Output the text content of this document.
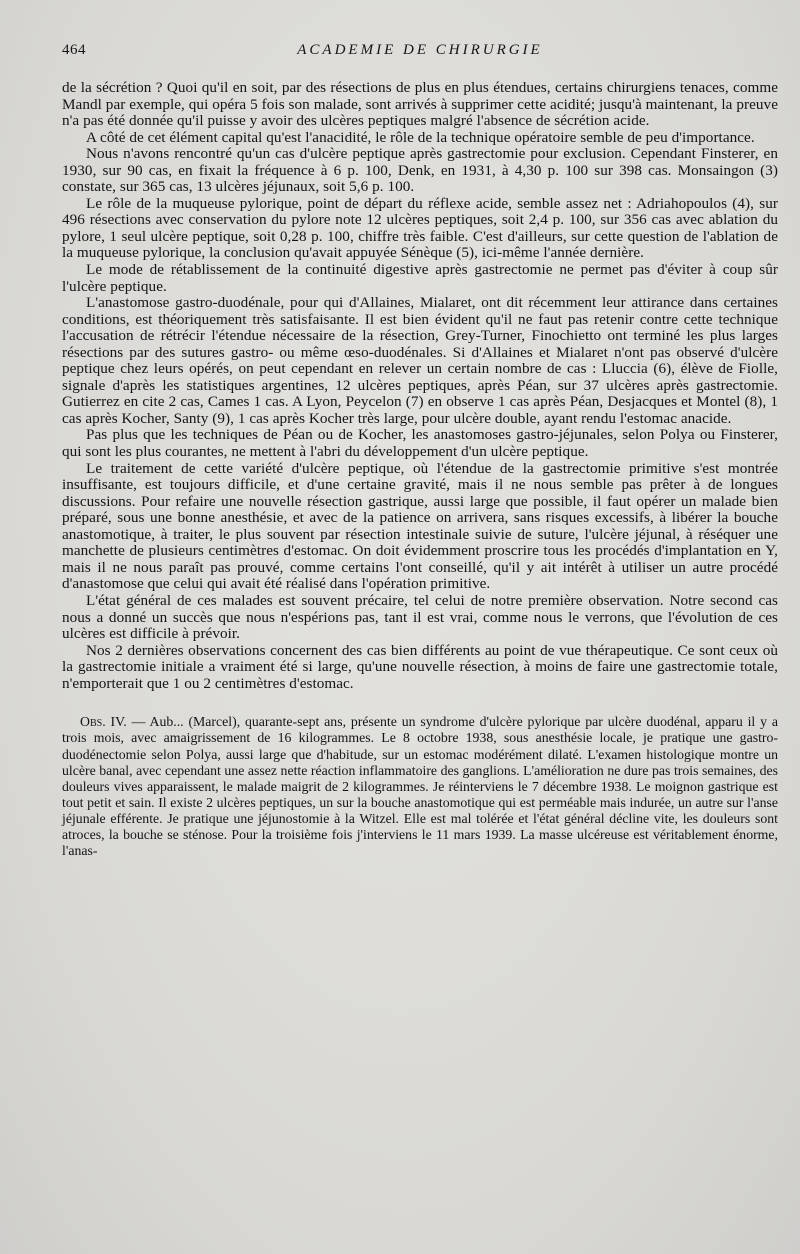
464	ACADEMIE DE CHIRURGIE

de la sécrétion ? Quoi qu'il en soit, par des résections de plus en plus étendues, certains chirurgiens tenaces, comme Mandl par exemple, qui opéra 5 fois son malade, sont arrivés à supprimer cette acidité; jusqu'à maintenant, la preuve n'a pas été donnée qu'il puisse y avoir des ulcères peptiques malgré l'absence de sécrétion acide.

A côté de cet élément capital qu'est l'anacidité, le rôle de la technique opératoire semble de peu d'importance.

Nous n'avons rencontré qu'un cas d'ulcère peptique après gastrectomie pour exclusion. Cependant Finsterer, en 1930, sur 90 cas, en fixait la fréquence à 6 p. 100, Denk, en 1931, à 4,30 p. 100 sur 398 cas. Monsaingon (3) constate, sur 365 cas, 13 ulcères jéjunaux, soit 5,6 p. 100.

Le rôle de la muqueuse pylorique, point de départ du réflexe acide, semble assez net : Adriahopoulos (4), sur 496 résections avec conservation du pylore note 12 ulcères peptiques, soit 2,4 p. 100, sur 356 cas avec ablation du pylore, 1 seul ulcère peptique, soit 0,28 p. 100, chiffre très faible. C'est d'ailleurs, sur cette question de l'ablation de la muqueuse pylorique, la conclusion qu'avait appuyée Sénèque (5), ici-même l'année dernière.

Le mode de rétablissement de la continuité digestive après gastrectomie ne permet pas d'éviter à coup sûr l'ulcère peptique.

L'anastomose gastro-duodénale, pour qui d'Allaines, Mialaret, ont dit récemment leur attirance dans certaines conditions, est théoriquement très satisfaisante. Il est bien évident qu'il ne faut pas retenir contre cette technique l'accusation de rétrécir l'étendue nécessaire de la résection, Grey-Turner, Finochietto ont terminé les plus larges résections par des sutures gastro- ou même œso-duodénales. Si d'Allaines et Mialaret n'ont pas observé d'ulcère peptique chez leurs opérés, on peut cependant en relever un certain nombre de cas : Lluccia (6), élève de Fiolle, signale d'après les statistiques argentines, 12 ulcères peptiques, après Péan, sur 37 ulcères après gastrectomie. Gutierrez en cite 2 cas, Cames 1 cas. A Lyon, Peycelon (7) en observe 1 cas après Péan, Desjacques et Montel (8), 1 cas après Kocher, Santy (9), 1 cas après Kocher très large, pour ulcère double, ayant rendu l'estomac anacide.

Pas plus que les techniques de Péan ou de Kocher, les anastomoses gastro-jéjunales, selon Polya ou Finsterer, qui sont les plus courantes, ne mettent à l'abri du développement d'un ulcère peptique.

Le traitement de cette variété d'ulcère peptique, où l'étendue de la gastrectomie primitive s'est montrée insuffisante, est toujours difficile, et d'une certaine gravité, mais il ne nous semble pas prêter à de longues discussions. Pour refaire une nouvelle résection gastrique, aussi large que possible, il faut opérer un malade bien préparé, sous une bonne anesthésie, et avec de la patience on arrivera, sans risques excessifs, à libérer la bouche anastomotique, à traiter, le plus souvent par résection intestinale suivie de suture, l'ulcère jéjunal, à réséquer une manchette de plusieurs centimètres d'estomac. On doit évidemment proscrire tous les procédés d'implantation en Y, mais il ne nous paraît pas prouvé, comme certains l'ont conseillé, qu'il y ait intérêt à utiliser un autre procédé d'anastomose que celui qui avait été réalisé dans l'opération primitive.

L'état général de ces malades est souvent précaire, tel celui de notre première observation. Notre second cas nous a donné un succès que nous n'espérions pas, tant il est vrai, comme nous le verrons, que l'évolution de ces ulcères est difficile à prévoir.

Nos 2 dernières observations concernent des cas bien différents au point de vue thérapeutique. Ce sont ceux où la gastrectomie initiale a vraiment été si large, qu'une nouvelle résection, à moins de faire une gastrectomie totale, n'emporterait que 1 ou 2 centimètres d'estomac.

Obs. IV. — Aub... (Marcel), quarante-sept ans, présente un syndrome d'ulcère pylorique par ulcère duodénal, apparu il y a trois mois, avec amaigrissement de 16 kilogrammes. Le 8 octobre 1938, sous anesthésie locale, je pratique une gastro-duodénectomie selon Polya, aussi large que d'habitude, sur un estomac modérément dilaté. L'examen histologique montre un ulcère banal, avec cependant une assez nette réaction inflammatoire des ganglions. L'amélioration ne dure pas trois semaines, des douleurs vives apparaissent, le malade maigrit de 2 kilogrammes. Je réinterviens le 7 décembre 1938. Le moignon gastrique est tout petit et sain. Il existe 2 ulcères peptiques, un sur la bouche anastomotique qui est perméable mais indurée, un autre sur l'anse jéjunale efférente. Je pratique une jéjunostomie à la Witzel. Elle est mal tolérée et l'état général décline vite, les douleurs sont atroces, la bouche se sténose. Pour la troisième fois j'interviens le 11 mars 1939. La masse ulcéreuse est véritablement énorme, l'anas-
